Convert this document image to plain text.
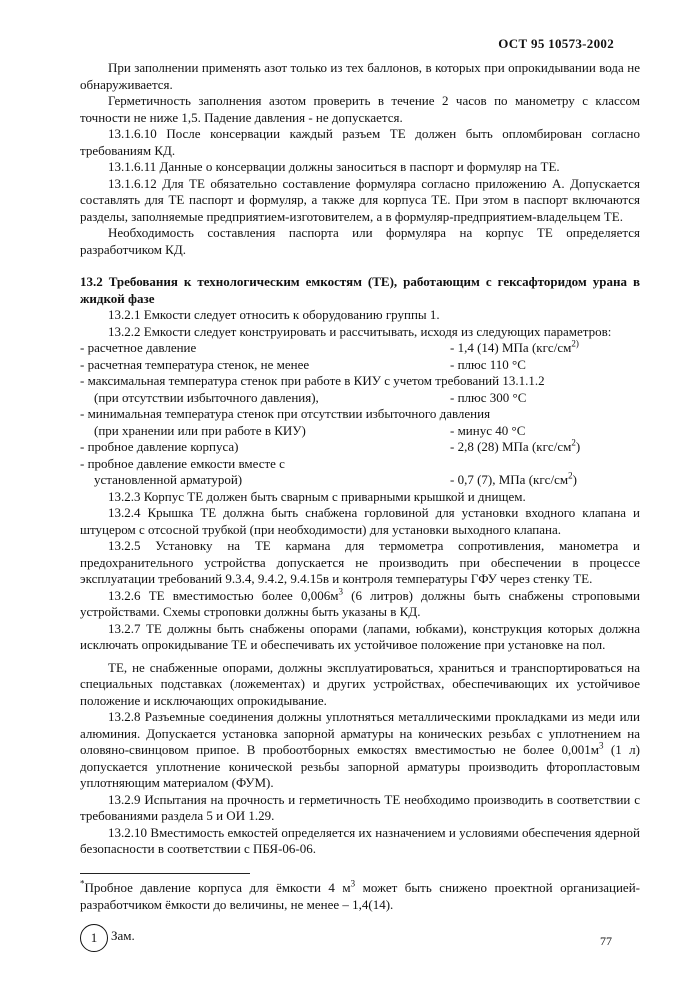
ОСТ 95 10573-2002

При заполнении применять азот только из тех баллонов, в которых при опрокидывании вода не обнаруживается.

Герметичность заполнения азотом проверить в течение 2 часов по манометру с классом точности не ниже 1,5. Падение давления - не допускается.

13.1.6.10 После консервации каждый разъем ТЕ должен быть опломбирован согласно требованиям КД.

13.1.6.11 Данные о консервации должны заноситься в паспорт и формуляр на ТЕ.

13.1.6.12 Для ТЕ обязательно составление формуляра согласно приложению А. Допускается составлять для ТЕ паспорт и формуляр, а также для корпуса ТЕ. При этом в паспорт включаются разделы, заполняемые предприятием-изготовителем, а в формуляр-предприятием-владельцем ТЕ.

Необходимость составления паспорта или формуляра на корпус ТЕ определяется разработчиком КД.

13.2 Требования к технологическим емкостям (ТЕ), работающим с гексафторидом урана в жидкой фазе

13.2.1 Емкости следует относить к оборудованию группы 1.

13.2.2 Емкости следует конструировать и рассчитывать, исходя из следующих параметров:

- расчетное давление	- 1,4 (14) МПа ($кгс/см^{2)}$
- расчетная температура стенок, не менее	- плюс 110 °С

- максимальная температура стенок при работе в КИУ с учетом требований 13.1.1.2

(при отсутствии избыточного давления),	- плюс 300 °С

- минимальная температура стенок при отсутствии избыточного давления

(при хранении или при работе в КИУ)	- минус 40 °С
- пробное давление корпуса)	- 2,8 (28) МПа $(кгс/см^2)$

- пробное давление емкости вместе с

установленной арматурой)	- 0,7 (7), МПа $(кгс/см^2)$

13.2.3 Корпус ТЕ должен быть сварным с приварными крышкой и днищем.

13.2.4 Крышка ТЕ должна быть снабжена горловиной для установки входного клапана и штуцером с отсосной трубкой (при необходимости) для установки выходного клапана.

13.2.5 Установку на ТЕ кармана для термометра сопротивления, манометра и предохранительного устройства допускается не производить при обеспечении в процессе эксплуатации требований 9.3.4, 9.4.2, 9.4.15в и контроля температуры ГФУ через стенку ТЕ.

13.2.6 ТЕ вместимостью более $0,006м^3$ (6 литров) должны быть снабжены строповыми устройствами. Схемы строповки должны быть указаны в КД.

13.2.7 ТЕ должны быть снабжены опорами (лапами, юбками), конструкция которых должна исключать опрокидывание ТЕ и обеспечивать их устойчивое положение при установке на пол.

ТЕ, не снабженные опорами, должны эксплуатироваться, храниться и транспортироваться на специальных подставках (ложементах) и других устройствах, обеспечивающих их устойчивое положение и исключающих опрокидывание.

13.2.8 Разъемные соединения должны уплотняться металлическими прокладками из меди или алюминия. Допускается установка запорной арматуры на конических резьбах с уплотнением на оловяно-свинцовом припое. В пробоотборных емкостях вместимостью не более $0,001м^3$ (1 л) допускается уплотнение конической резьбы запорной арматуры производить фторопластовым уплотняющим материалом (ФУМ).

13.2.9 Испытания на прочность и герметичность ТЕ необходимо производить в соответствии с требованиями раздела 5 и ОИ 1.29.

13.2.10 Вместимость емкостей определяется их назначением и условиями обеспечения ядерной безопасности в соответствии с ПБЯ-06-06.

*Пробное давление корпуса для ёмкости 4 $м^3$ может быть снижено проектной организацией-разработчиком ёмкости до величины, не менее – 1,4(14).
1	Зам.	77
